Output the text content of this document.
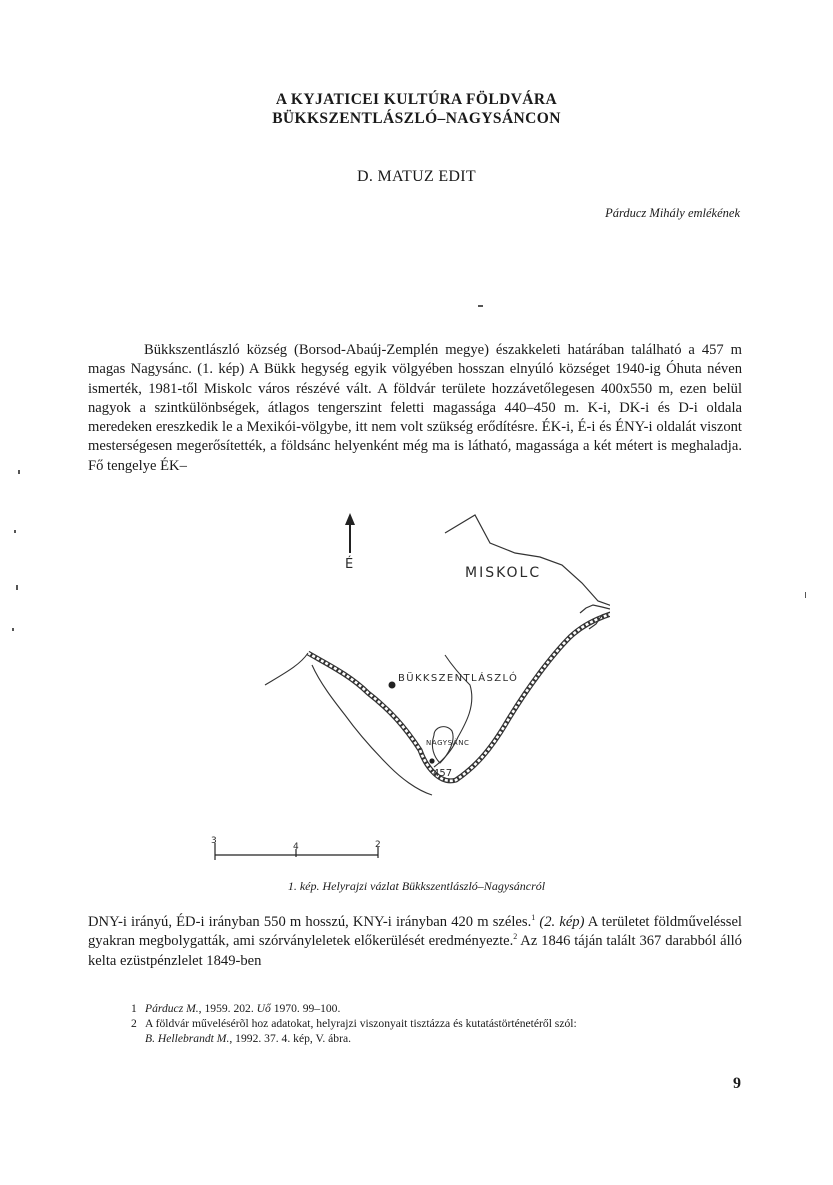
A KYJATICEI KULTÚRA FÖLDVÁRA
BÜKKSZENTLÁSZLÓ–NAGYSÁNCON
D. MATUZ EDIT
Párducz Mihály emlékének

Bükkszentlászló község (Borsod-Abaúj-Zemplén megye) északkeleti határában található a 457 m magas Nagysánc. (1. kép) A Bükk hegység egyik völgyében hosszan elnyúló községet 1940-ig Óhuta néven ismerték, 1981-től Miskolc város részévé vált. A földvár területe hozzávetőlegesen 400x550 m, ezen belül nagyok a szintkülönbségek, átlagos tengerszint feletti magassága 440–450 m. K-i, DK-i és D-i oldala meredeken ereszkedik le a Mexikói-völgybe, itt nem volt szükség erődítésre. ÉK-i, É-i és ÉNY-i oldalát viszont mesterségesen megerősítették, a földsánc helyenként még ma is látható, magassága a két métert is meghaladja. Fő tengelye ÉK–

É
MISKOLC
BÜKKSZENTLÁSZLÓ
NAGYSÁNC
457
3
4	2
1. kép. Helyrajzi vázlat Bükkszentlászló–Nagysáncról

DNY-i irányú, ÉD-i irányban 550 m hosszú, KNY-i irányban 420 m széles.$^1$ (2. kép) A területet földműveléssel gyakran megbolygatták, ami szórványleletek előkerülését eredményezte.$^2$ Az 1846 táján talált 367 darabból álló kelta ezüstpénzlelet 1849-ben

1 Párducz M., 1959. 202. Uő 1970. 99–100.

2 A földvár művelésérõl hoz adatokat, helyrajzi viszonyait tisztázza és kutatástörténetéről szól:

B. Hellebrandt M., 1992. 37. 4. kép, V. ábra.

9
